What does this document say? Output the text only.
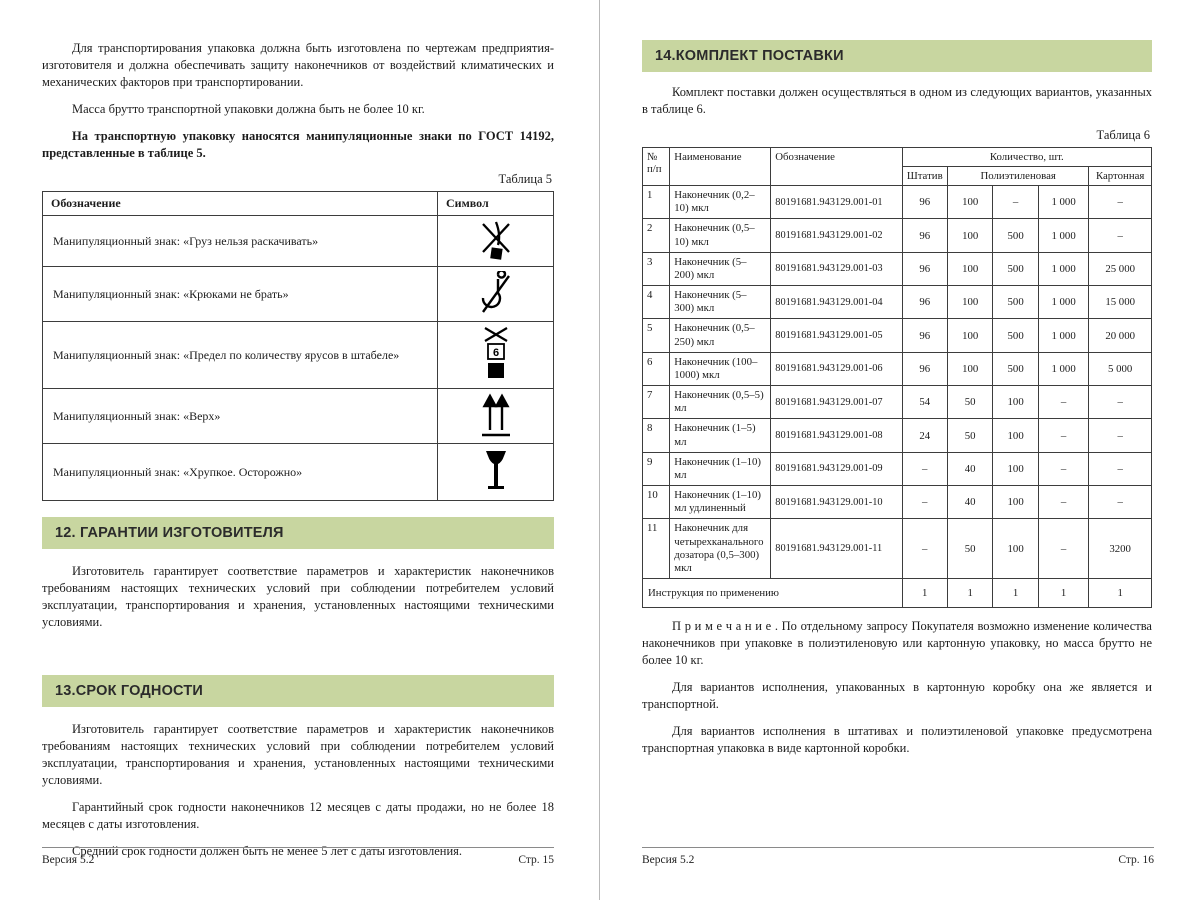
Для транспортирования упаковка должна быть изготовлена по чертежам предприятия-изготовителя и должна обеспечивать защиту наконечников от воздействий климатических и механических факторов при транспортировании.

Масса брутто транспортной упаковки должна быть не более 10 кг.

На транспортную упаковку наносятся манипуляционные знаки по ГОСТ 14192, представленные в таблице 5.

Таблица 5
Обозначение	Символ
Манипуляционный знак: «Груз нельзя раскачивать»	
Манипуляционный знак: «Крюками не брать»	
Манипуляционный знак: «Предел по количеству ярусов в штабеле»	6

Манипуляционный знак: «Верх»	
Манипуляционный знак: «Хрупкое. Осторожно»	
12. ГАРАНТИИ ИЗГОТОВИТЕЛЯ

Изготовитель гарантирует соответствие параметров и характеристик наконечников требованиям настоящих технических условий при соблюдении потребителем условий эксплуатации, транспортирования и хранения, установленных настоящими техническими условиями.

13.СРОК ГОДНОСТИ

Изготовитель гарантирует соответствие параметров и характеристик наконечников требованиям настоящих технических условий при соблюдении потребителем условий эксплуатации, транспортирования и хранения, установленных настоящими техническими условиями.

Гарантийный срок годности наконечников 12 месяцев с даты продажи, но не более 18 месяцев с даты изготовления.

Средний срок годности должен быть не менее 5 лет с даты изготовления.

Версия 5.2	Стр. 15
14.КОМПЛЕКТ ПОСТАВКИ

Комплект поставки должен осуществляться в одном из следующих вариантов, указанных в таблице 6.

Таблица 6
№ п/п	Наименование	Обозначение	Количество, шт.				
			Штатив	Полиэтиленовая			Картонная
1	Наконечник (0,2–10) мкл	80191681.943129.001-01	96	100	–	1 000	–
2	Наконечник (0,5–10) мкл	80191681.943129.001-02	96	100	500	1 000	–
3	Наконечник (5–200) мкл	80191681.943129.001-03	96	100	500	1 000	25 000
4	Наконечник (5–300) мкл	80191681.943129.001-04	96	100	500	1 000	15 000
5	Наконечник (0,5–250) мкл	80191681.943129.001-05	96	100	500	1 000	20 000
6	Наконечник (100–1000) мкл	80191681.943129.001-06	96	100	500	1 000	5 000
7	Наконечник (0,5–5) мл	80191681.943129.001-07	54	50	100	–	–
8	Наконечник (1–5) мл	80191681.943129.001-08	24	50	100	–	–
9	Наконечник (1–10) мл	80191681.943129.001-09	–	40	100	–	–
10	Наконечник (1–10) мл удлиненный	80191681.943129.001-10	–	40	100	–	–
11	Наконечник для четырехканального дозатора (0,5–300) мкл	80191681.943129.001-11	–	50	100	–	3200
Инструкция по применению			1	1	1	1	1

П р и м е ч а н и е . По отдельному запросу Покупателя возможно изменение количества наконечников при упаковке в полиэтиленовую или картонную упаковку, но масса брутто не более 10 кг.

Для вариантов исполнения, упакованных в картонную коробку она же является и транспортной.

Для вариантов исполнения в штативах и полиэтиленовой упаковке предусмотрена транспортная упаковка в виде картонной коробки.

Версия 5.2	Стр. 16
